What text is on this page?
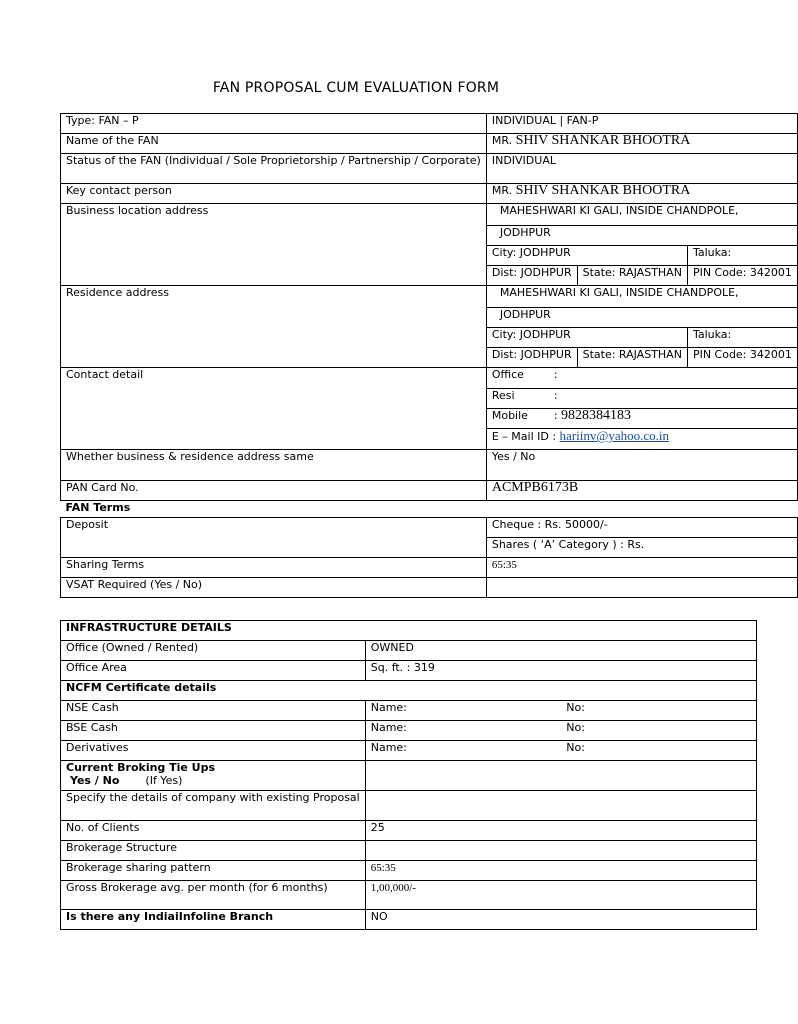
FAN PROPOSAL CUM EVALUATION FORM
Type: FAN – P	INDIVIDUAL | FAN-P		
Name of the FAN	MR. SHIV SHANKAR BHOOTRA		
Status of the FAN (Individual / Sole Proprietorship / Partnership / Corporate)	INDIVIDUAL		
Key contact person	MR. SHIV SHANKAR BHOOTRA		
Business location address	MAHESHWARI KI GALI, INSIDE CHANDPOLE,		
	JODHPUR		
	City: JODHPUR		Taluka:
	Dist: JODHPUR	State: RAJASTHAN	PIN Code: 342001
Residence address	MAHESHWARI KI GALI, INSIDE CHANDPOLE,		
	JODHPUR		
	City: JODHPUR		Taluka:
	Dist: JODHPUR	State: RAJASTHAN	PIN Code: 342001
Contact detail	Office :		
	Resi :		
	Mobile : 9828384183		
	E – Mail ID : hariinv@yahoo.co.in		
Whether business & residence address same	Yes / No		
PAN Card No.	ACMPB6173B		
FAN Terms			
Deposit	Cheque : Rs. 50000/-		
	Shares ( ‘A’ Category ) : Rs.		
Sharing Terms	65:35		
VSAT Required (Yes / No)			
INFRASTRUCTURE DETAILS		
Office (Owned / Rented)	OWNED	
Office Area	Sq. ft. : 319	
NCFM Certificate details		
NSE Cash	Name:	No:
BSE Cash	Name:	No:
Derivatives	Name:	No:

Current Broking Tie Ups
Yes / No (If Yes)		

Specify the details of company with existing Proposal		
No. of Clients	25	
Brokerage Structure		
Brokerage sharing pattern	65:35	
Gross Brokerage avg. per month (for 6 months)	1,00,000/-	
Is there any IndiaiInfoline Branch	NO	
